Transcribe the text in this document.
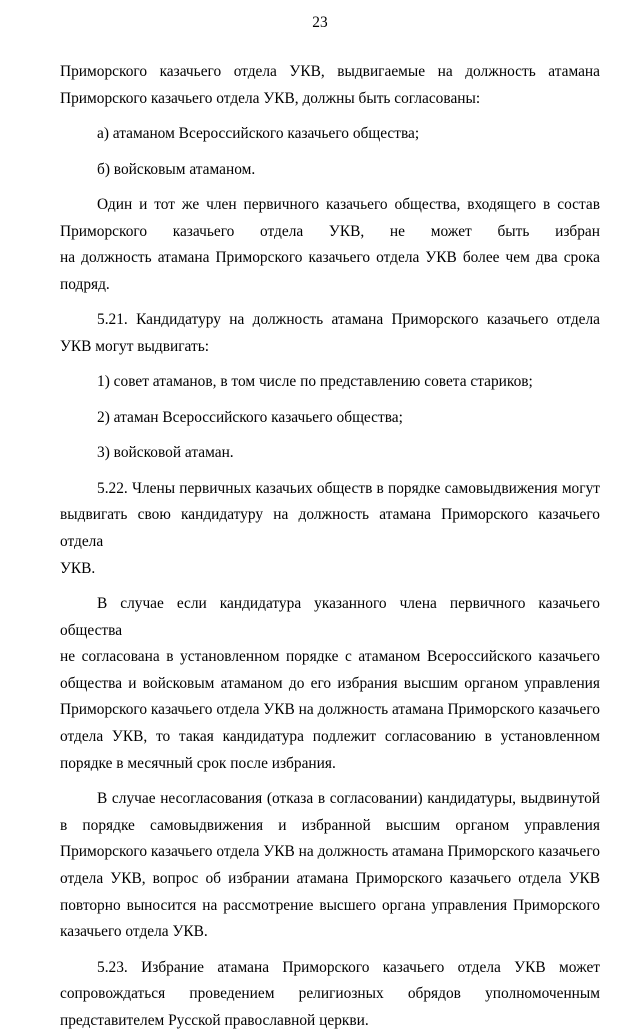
23

Приморского казачьего отдела УКВ, выдвигаемые на должность атамана

Приморского казачьего отдела УКВ, должны быть согласованы:

а) атаманом Всероссийского казачьего общества;

б) войсковым атаманом.

Один и тот же член первичного казачьего общества, входящего в состав

Приморского казачьего отдела УКВ, не может быть избран

на должность атамана Приморского казачьего отдела УКВ более чем два срока

подряд.

5.21. Кандидатуру на должность атамана Приморского казачьего отдела

УКВ могут выдвигать:

1) совет атаманов, в том числе по представлению совета стариков;

2) атаман Всероссийского казачьего общества;

3) войсковой атаман.

5.22. Члены первичных казачьих обществ в порядке самовыдвижения могут

выдвигать свою кандидатуру на должность атамана Приморского казачьего отдела

УКВ.

В случае если кандидатура указанного члена первичного казачьего общества

не согласована в установленном порядке с атаманом Всероссийского казачьего

общества и войсковым атаманом до его избрания высшим органом управления

Приморского казачьего отдела УКВ на должность атамана Приморского казачьего

отдела УКВ, то такая кандидатура подлежит согласованию в установленном

порядке в месячный срок после избрания.

В случае несогласования (отказа в согласовании) кандидатуры, выдвинутой

в порядке самовыдвижения и избранной высшим органом управления

Приморского казачьего отдела УКВ на должность атамана Приморского казачьего

отдела УКВ, вопрос об избрании атамана Приморского казачьего отдела УКВ

повторно выносится на рассмотрение высшего органа управления Приморского

казачьего отдела УКВ.

5.23. Избрание атамана Приморского казачьего отдела УКВ может

сопровождаться проведением религиозных обрядов уполномоченным

представителем Русской православной церкви.
